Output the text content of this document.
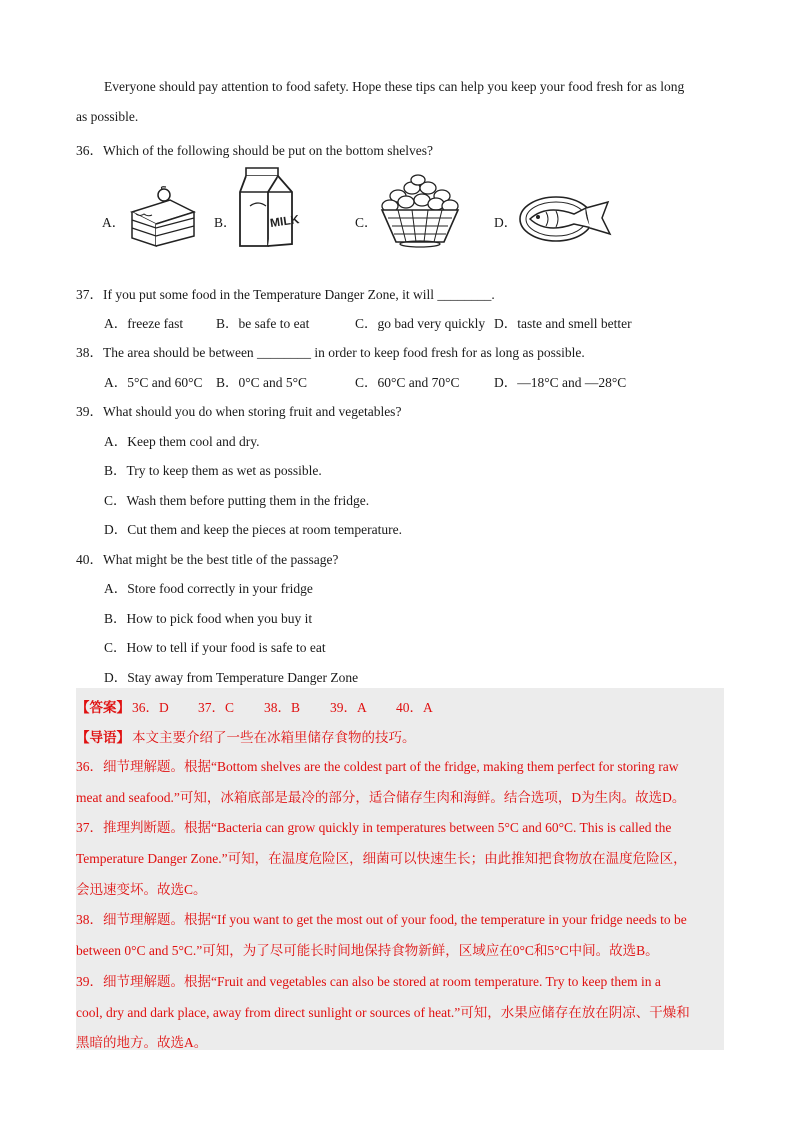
Everyone should pay attention to food safety. Hope these tips can help you keep your food fresh for as long
as possible.
36．Which of the following should be put on the bottom shelves?
A．	B．	MILK	C．	D．
37．If you put some food in the Temperature Danger Zone, it will ________.
A．freeze fast B．be safe to eat	C．go bad very quickly D．taste and smell better
38．The area should be between ________ in order to keep food fresh for as long as possible.
A．5°C and 60°C B．0°C and 5°C	C．60°C and 70°C	D．—18°C and —28°C
39．What should you do when storing fruit and vegetables?
A．Keep them cool and dry.
B．Try to keep them as wet as possible.
C．Wash them before putting them in the fridge.
D．Cut them and keep the pieces at room temperature.
40．What might be the best title of the passage?
A．Store food correctly in your fridge
B．How to pick food when you buy it
C．How to tell if your food is safe to eat
D．Stay away from Temperature Danger Zone
【答案】 36．D 37．C 38．B 39．A 40．A
【导语】 本文主要介绍了一些在冰箱里储存食物的技巧。
36．细节理解题。根据“Bottom shelves are the coldest part of the fridge, making them perfect for storing raw
meat and seafood.”可知，冰箱底部是最冷的部分，适合储存生肉和海鲜。结合选项，D为生肉。故选D。
37．推理判断题。根据“Bacteria can grow quickly in temperatures between 5°C and 60°C. This is called the
Temperature Danger Zone.”可知，在温度危险区，细菌可以快速生长；由此推知把食物放在温度危险区，
会迅速变坏。故选C。
38．细节理解题。根据“If you want to get the most out of your food, the temperature in your fridge needs to be
between 0°C and 5°C.”可知，为了尽可能长时间地保持食物新鲜，区域应在0°C和5°C中间。故选B。
39．细节理解题。根据“Fruit and vegetables can also be stored at room temperature. Try to keep them in a
cool, dry and dark place, away from direct sunlight or sources of heat.”可知，水果应储存在放在阴凉、干燥和
黑暗的地方。故选A。
